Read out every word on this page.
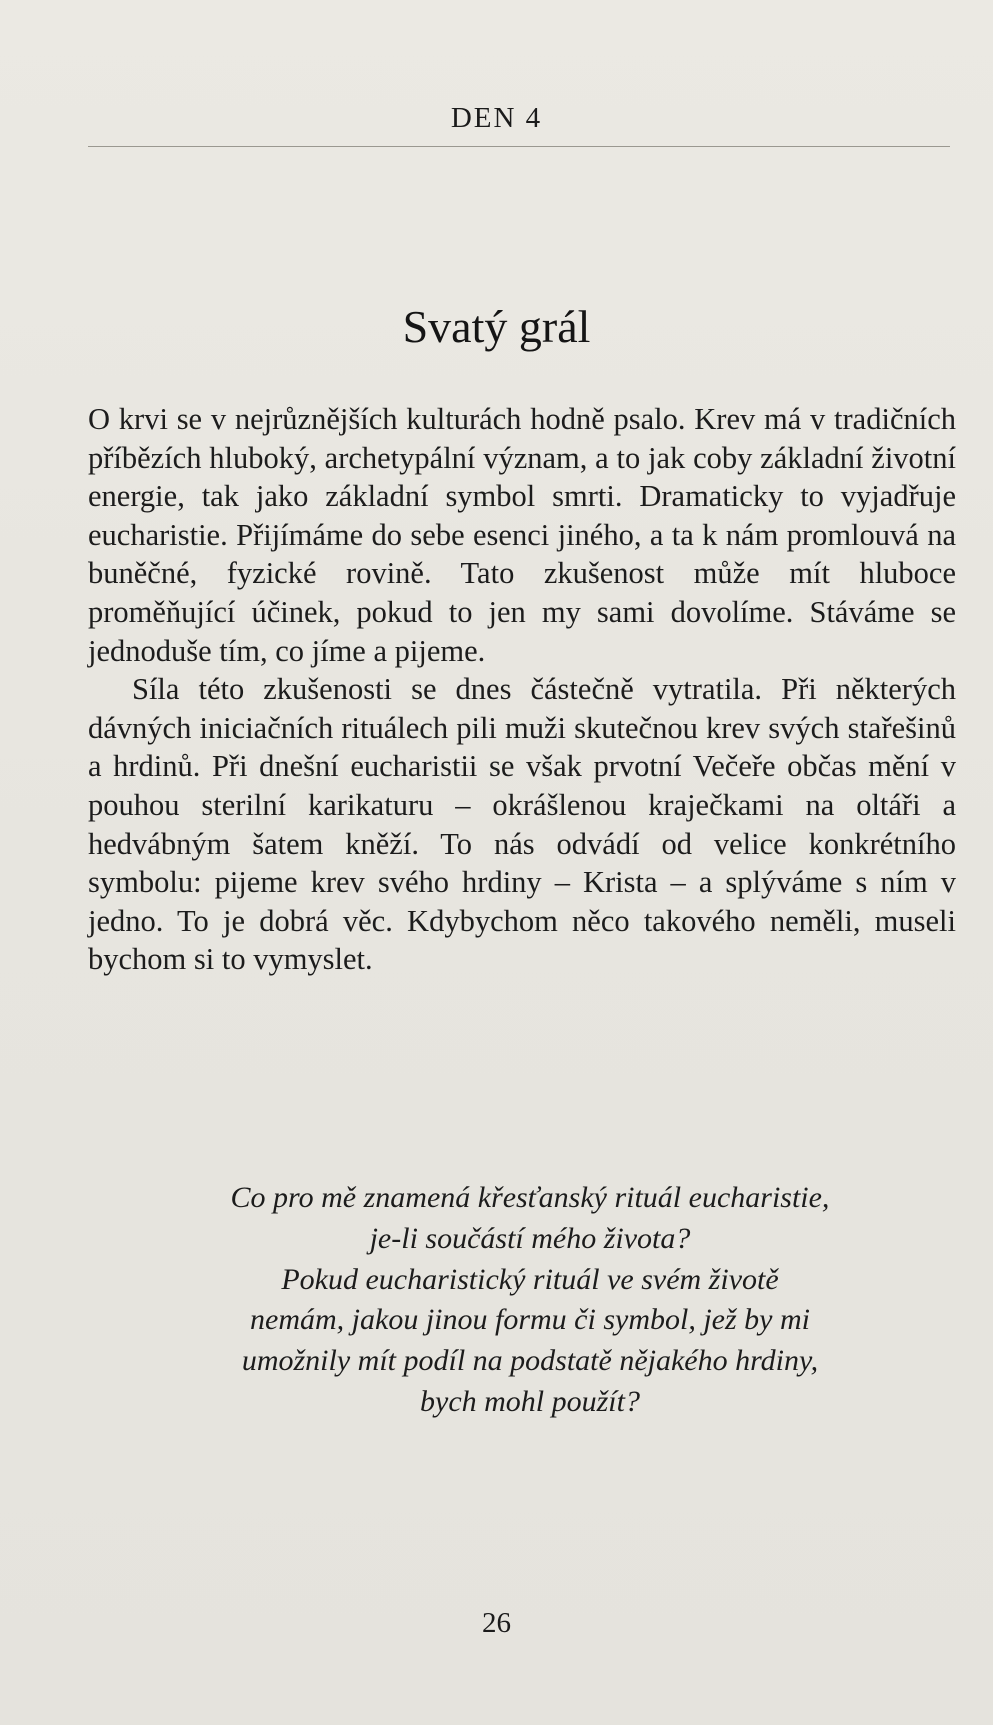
DEN 4
Svatý grál

O krvi se v nejrůznějších kulturách hodně psalo. Krev má v tradičních příbězích hluboký, archetypální význam, a to jak coby základní životní energie, tak jako základní symbol smrti. Dramaticky to vyjadřuje eucharistie. Přijímáme do sebe esenci jiného, a ta k nám promlouvá na buněčné, fyzické rovině. Tato zkušenost může mít hluboce proměňující účinek, pokud to jen my sami dovolíme. Stáváme se jednoduše tím, co jíme a pijeme.

Síla této zkušenosti se dnes částečně vytratila. Při některých dávných iniciačních rituálech pili muži skutečnou krev svých stařešinů a hrdinů. Při dnešní eucharistii se však prvotní Večeře občas mění v pouhou sterilní karikaturu – okrášlenou kraječkami na oltáři a hedvábným šatem kněží. To nás odvádí od velice konkrétního symbolu: pijeme krev svého hrdiny – Krista – a splýváme s ním v jedno. To je dobrá věc. Kdybychom něco takového neměli, museli bychom si to vymyslet.

Co pro mě znamená křesťanský rituál eucharistie,
je-li součástí mého života?
Pokud eucharistický rituál ve svém životě
nemám, jakou jinou formu či symbol, jež by mi
umožnily mít podíl na podstatě nějakého hrdiny,
bych mohl použít?
26
